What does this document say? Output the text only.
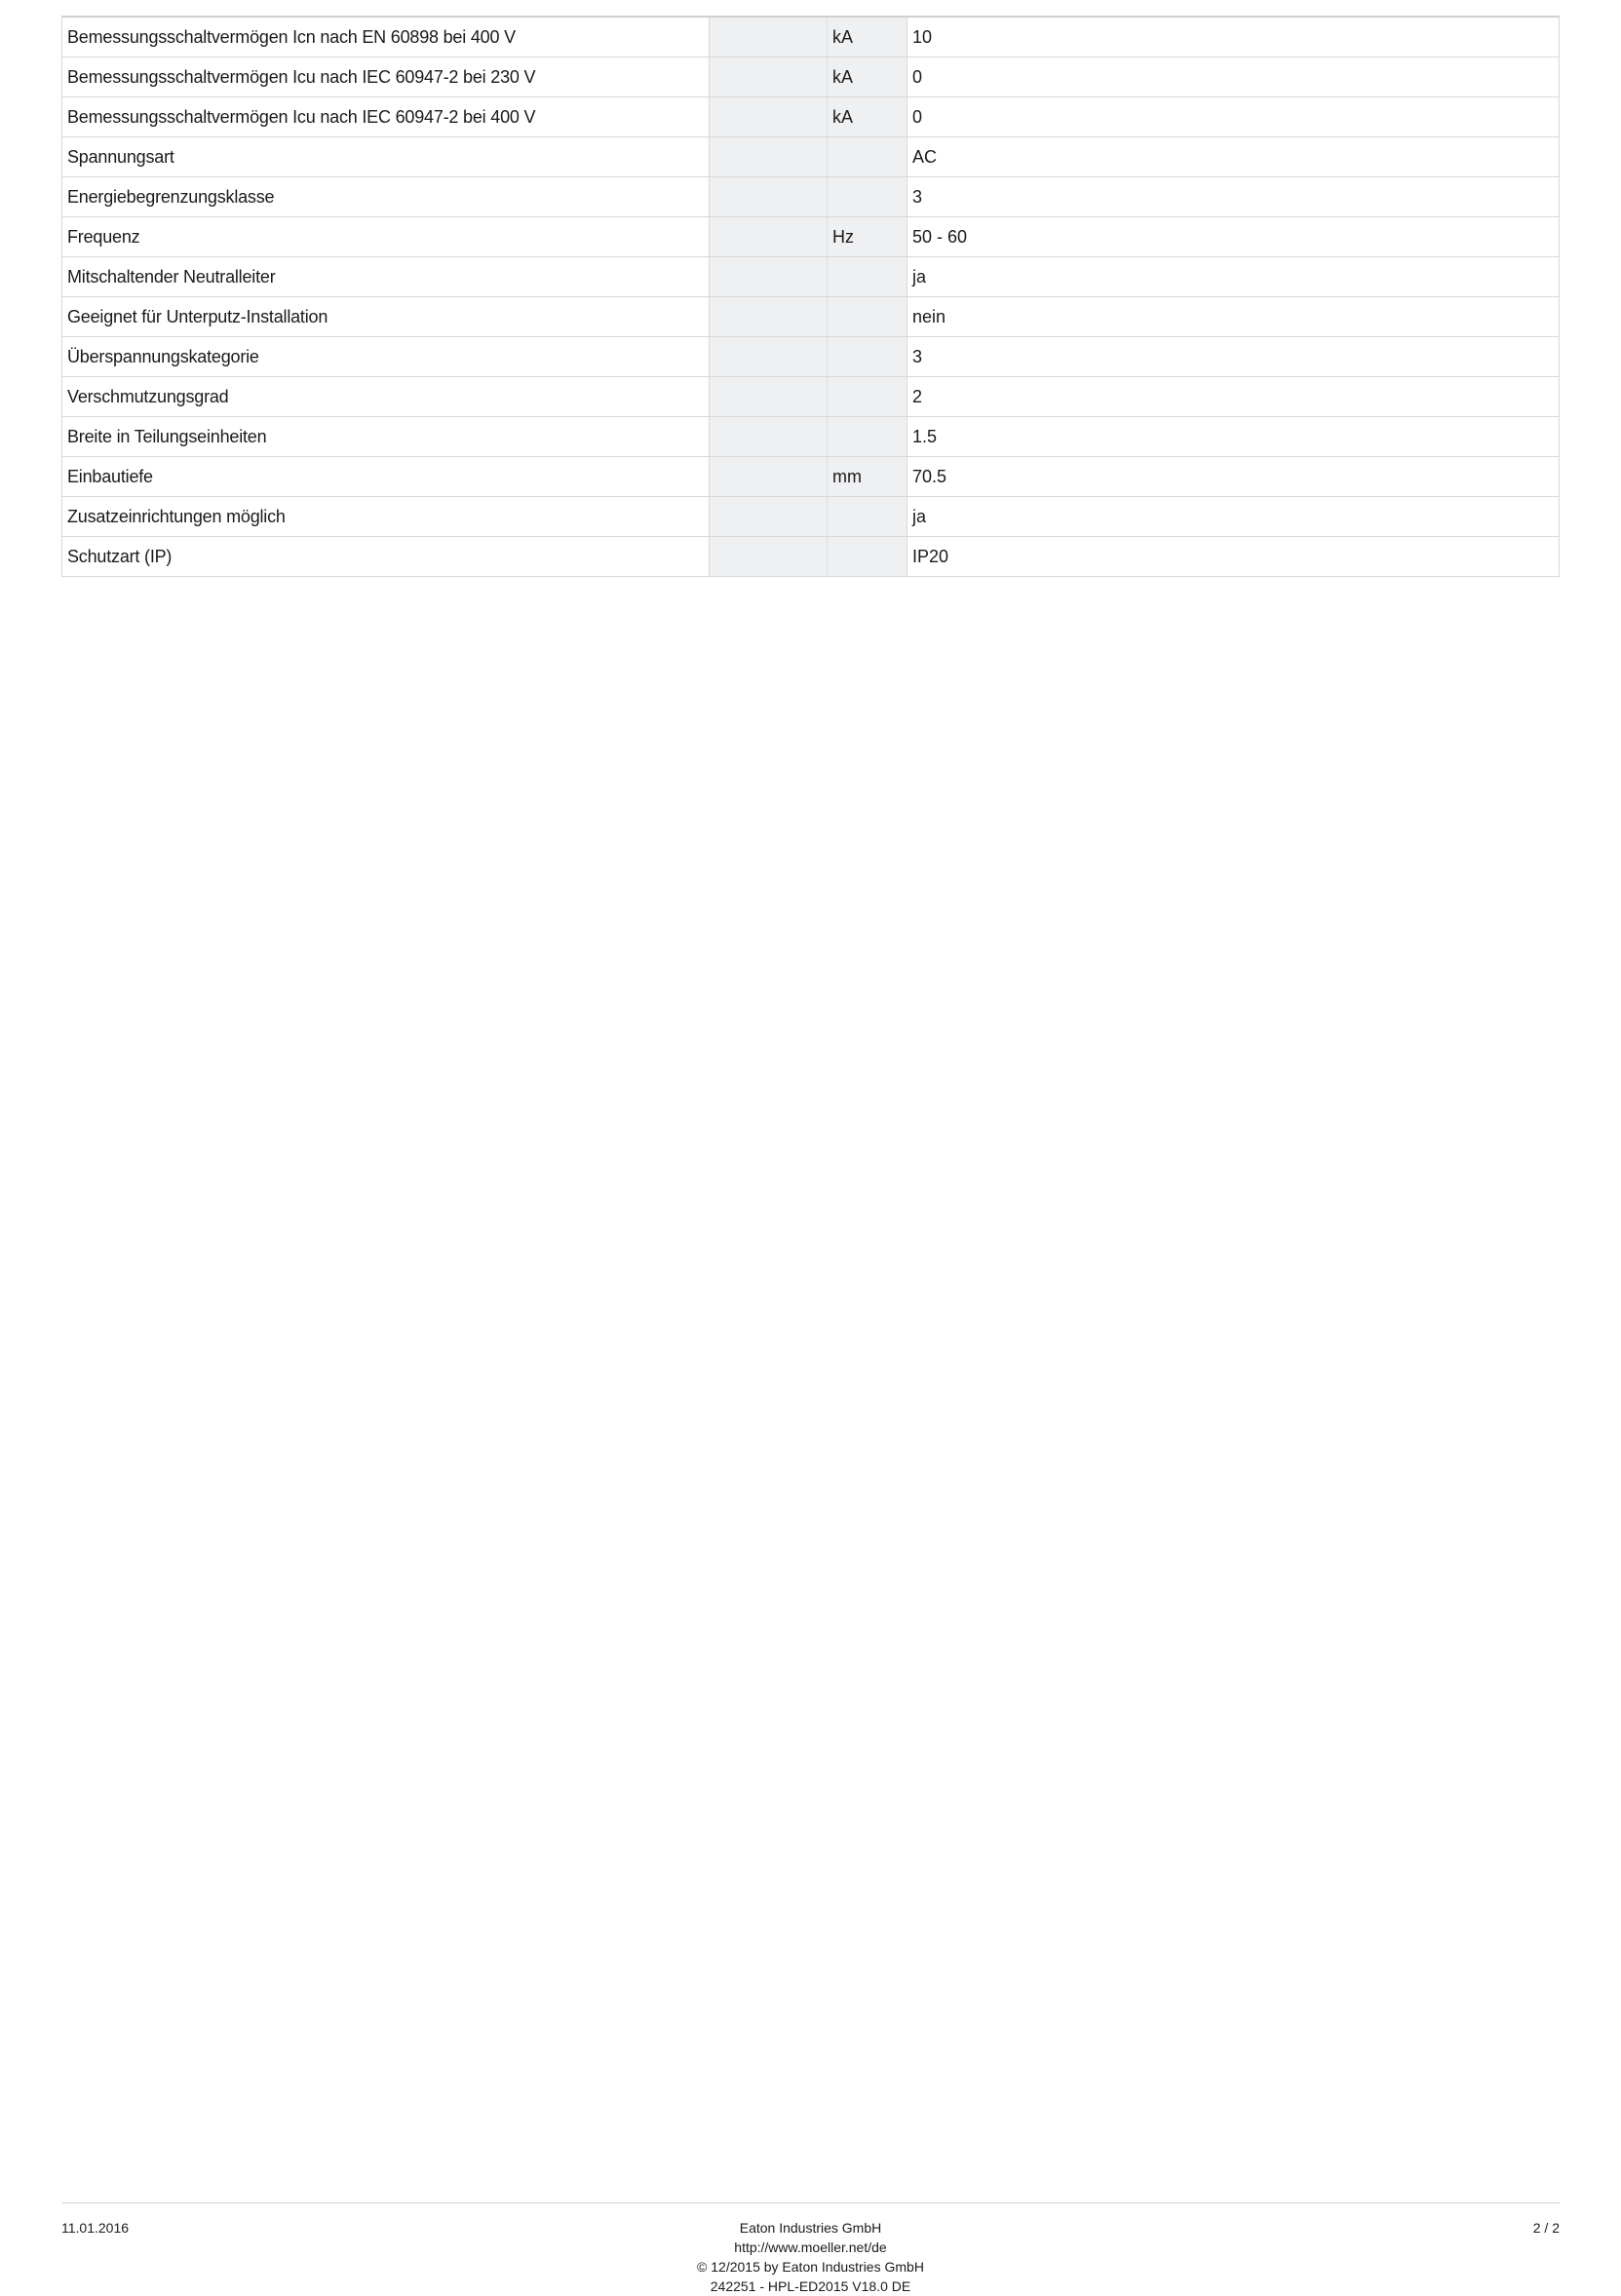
Bemessungsschaltvermögen Icn nach EN 60898 bei 400 V		kA	10
Bemessungsschaltvermögen Icu nach IEC 60947-2 bei 230 V		kA	0
Bemessungsschaltvermögen Icu nach IEC 60947-2 bei 400 V		kA	0
Spannungsart			AC
Energiebegrenzungsklasse			3
Frequenz		Hz	50 - 60
Mitschaltender Neutralleiter			ja
Geeignet für Unterputz-Installation			nein
Überspannungskategorie			3
Verschmutzungsgrad			2
Breite in Teilungseinheiten			1.5
Einbautiefe		mm	70.5
Zusatzeinrichtungen möglich			ja
Schutzart (IP)			IP20
11.01.2016	Eaton Industries GmbH
http://www.moeller.net/de
© 12/2015 by Eaton Industries GmbH
242251 - HPL-ED2015 V18.0 DE
2 / 2
